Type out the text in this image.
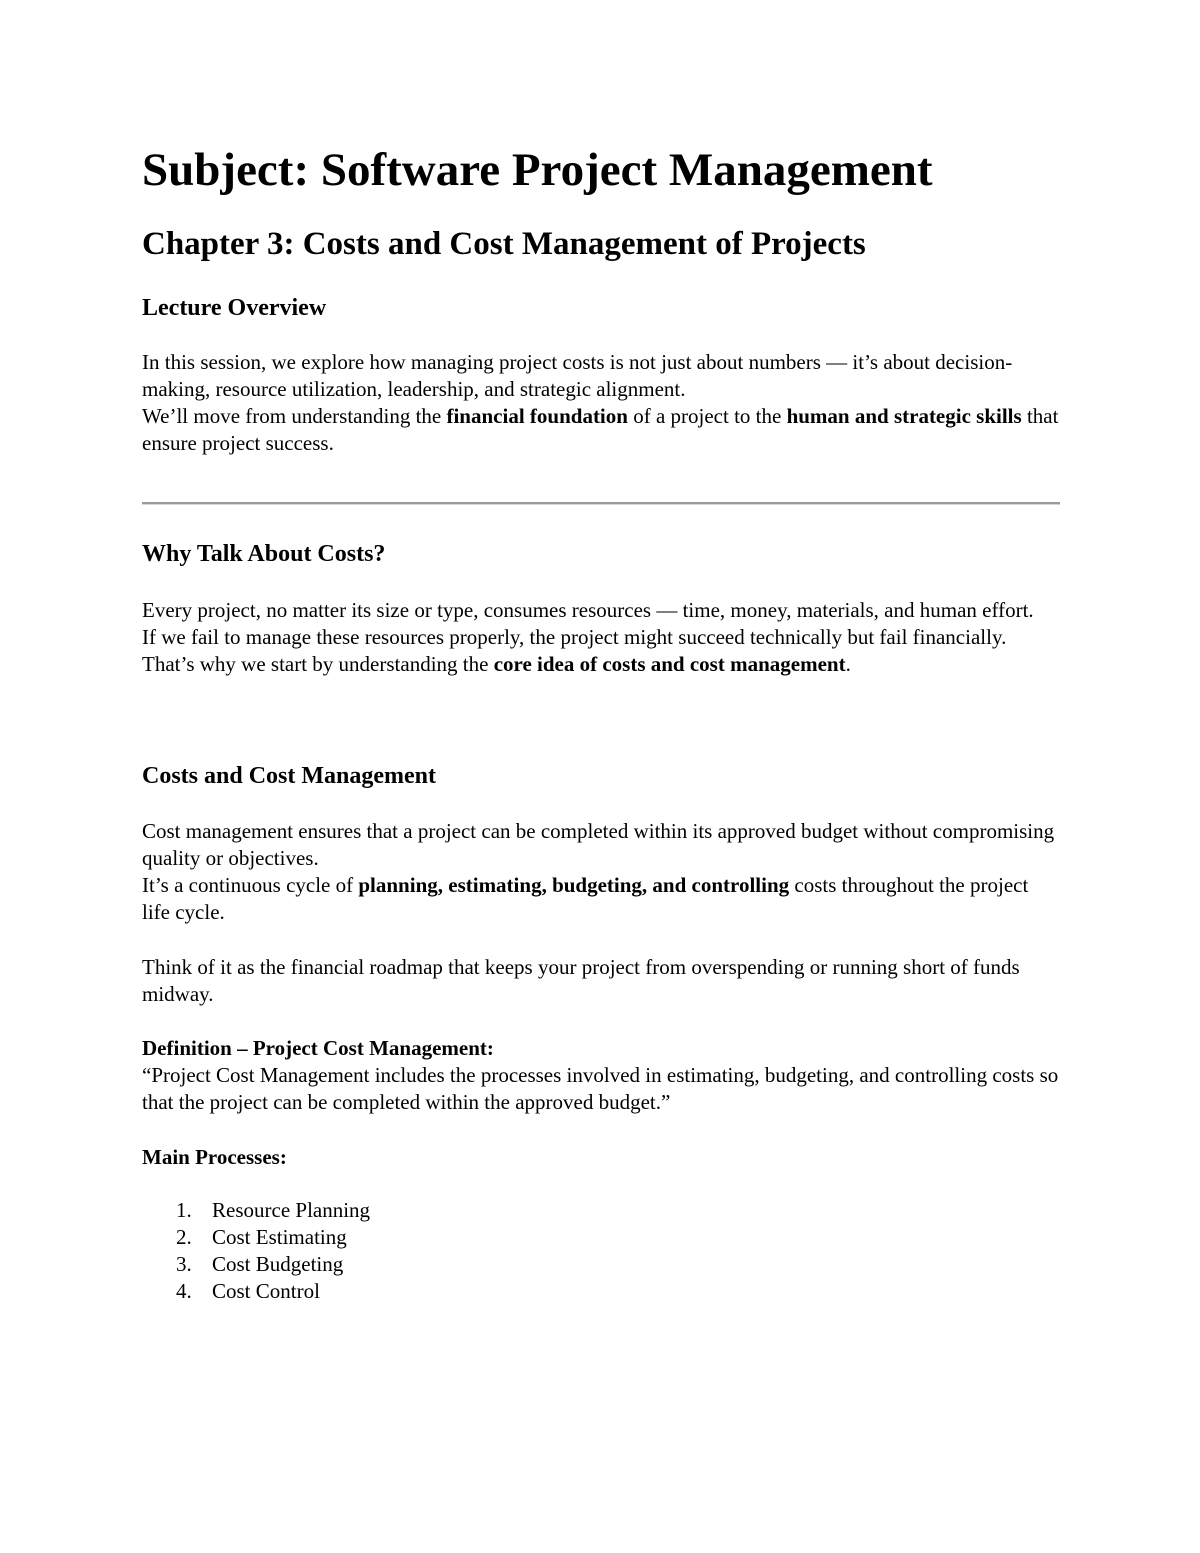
Subject: Software Project Management
Chapter 3: Costs and Cost Management of Projects
Lecture Overview

In this session, we explore how managing project costs is not just about numbers — it’s about decision-making, resource utilization, leadership, and strategic alignment.
We’ll move from understanding the financial foundation of a project to the human and strategic skills that ensure project success.

Why Talk About Costs?

Every project, no matter its size or type, consumes resources — time, money, materials, and human effort.
If we fail to manage these resources properly, the project might succeed technically but fail financially.
That’s why we start by understanding the core idea of costs and cost management.

Costs and Cost Management

Cost management ensures that a project can be completed within its approved budget without compromising quality or objectives.
It’s a continuous cycle of planning, estimating, budgeting, and controlling costs throughout the project life cycle.

Think of it as the financial roadmap that keeps your project from overspending or running short of funds midway.

Definition – Project Cost Management:
“Project Cost Management includes the processes involved in estimating, budgeting, and controlling costs so that the project can be completed within the approved budget.”

Main Processes:

1. Resource Planning
2. Cost Estimating
3. Cost Budgeting
4. Cost Control
